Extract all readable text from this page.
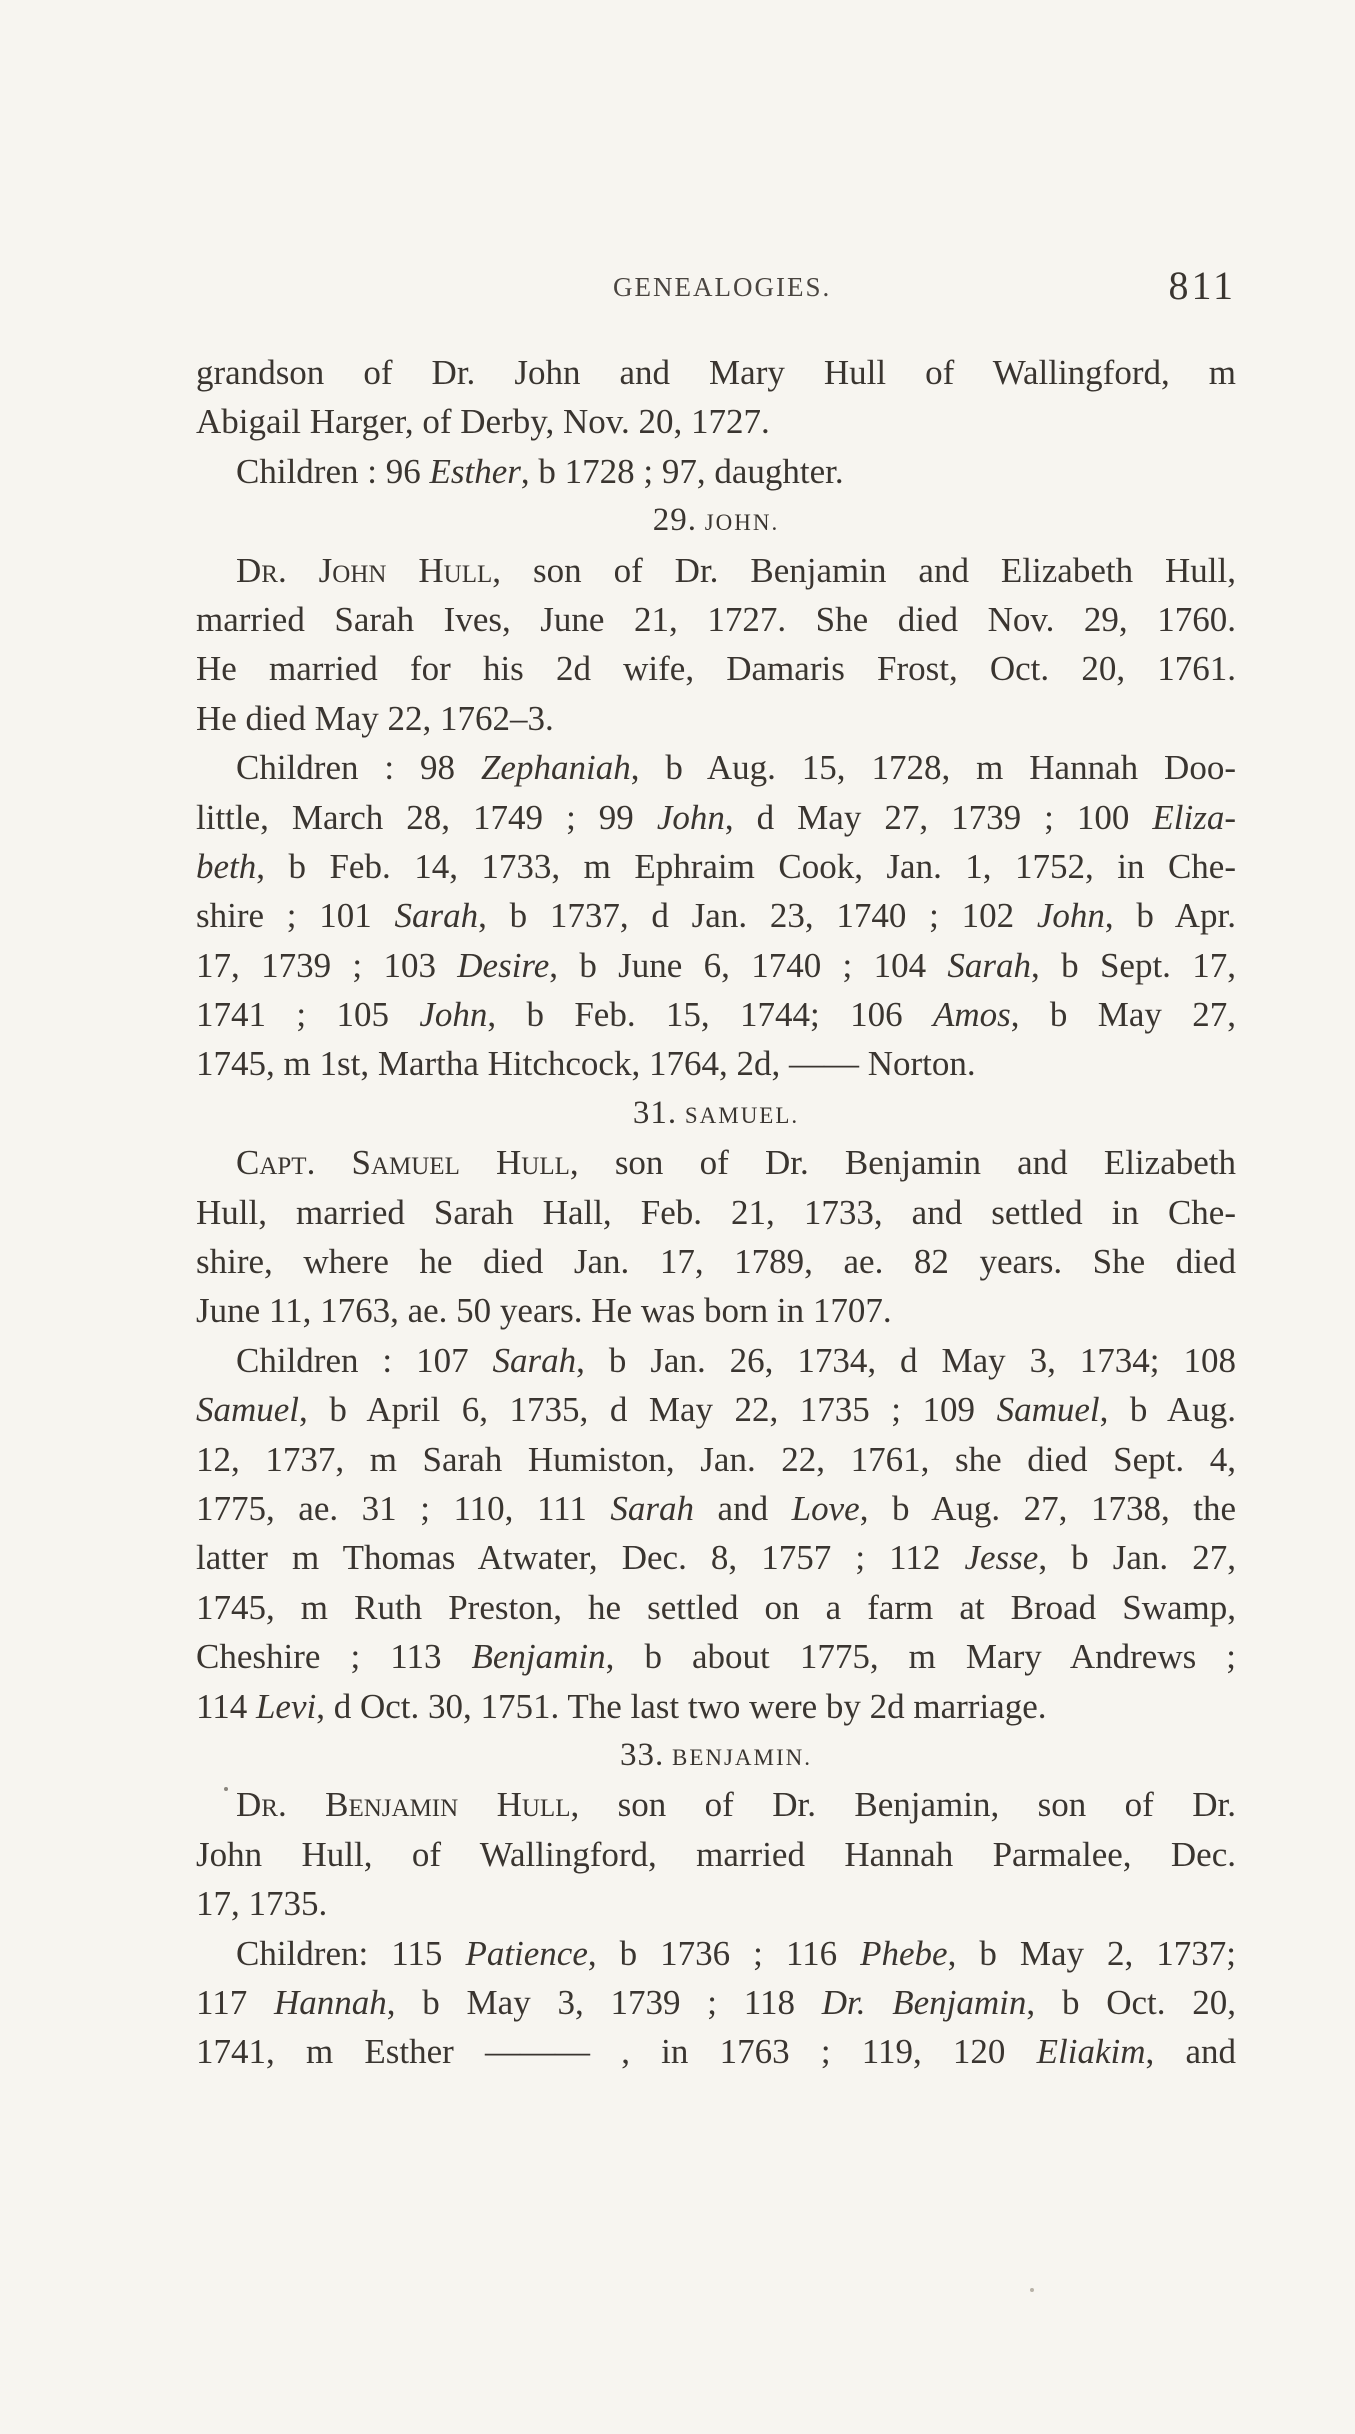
GENEALOGIES.	811
grandson of Dr. John and Mary Hull of Wallingford, m
Abigail Harger, of Derby, Nov. 20, 1727.
Children : 96 Esther, b 1728 ; 97, daughter.
29. JOHN.
Dr. John Hull, son of Dr. Benjamin and Elizabeth Hull,
married Sarah Ives, June 21, 1727. She died Nov. 29, 1760.
He married for his 2d wife, Damaris Frost, Oct. 20, 1761.
He died May 22, 1762–3.
Children : 98 Zephaniah, b Aug. 15, 1728, m Hannah Doo-
little, March 28, 1749 ; 99 John, d May 27, 1739 ; 100 Eliza-
beth, b Feb. 14, 1733, m Ephraim Cook, Jan. 1, 1752, in Che-
shire ; 101 Sarah, b 1737, d Jan. 23, 1740 ; 102 John, b Apr.
17, 1739 ; 103 Desire, b June 6, 1740 ; 104 Sarah, b Sept. 17,
1741 ; 105 John, b Feb. 15, 1744; 106 Amos, b May 27,
1745, m 1st, Martha Hitchcock, 1764, 2d, —— Norton.
31. SAMUEL.
Capt. Samuel Hull, son of Dr. Benjamin and Elizabeth
Hull, married Sarah Hall, Feb. 21, 1733, and settled in Che-
shire, where he died Jan. 17, 1789, ae. 82 years. She died
June 11, 1763, ae. 50 years. He was born in 1707.
Children : 107 Sarah, b Jan. 26, 1734, d May 3, 1734; 108
Samuel, b April 6, 1735, d May 22, 1735 ; 109 Samuel, b Aug.
12, 1737, m Sarah Humiston, Jan. 22, 1761, she died Sept. 4,
1775, ae. 31 ; 110, 111 Sarah and Love, b Aug. 27, 1738, the
latter m Thomas Atwater, Dec. 8, 1757 ; 112 Jesse, b Jan. 27,
1745, m Ruth Preston, he settled on a farm at Broad Swamp,
Cheshire ; 113 Benjamin, b about 1775, m Mary Andrews ;
114 Levi, d Oct. 30, 1751. The last two were by 2d marriage.
33. BENJAMIN.
Dr. Benjamin Hull, son of Dr. Benjamin, son of Dr.
John Hull, of Wallingford, married Hannah Parmalee, Dec.
17, 1735.
Children: 115 Patience, b 1736 ; 116 Phebe, b May 2, 1737;
117 Hannah, b May 3, 1739 ; 118 Dr. Benjamin, b Oct. 20,
1741, m Esther ——— , in 1763 ; 119, 120 Eliakim, and
